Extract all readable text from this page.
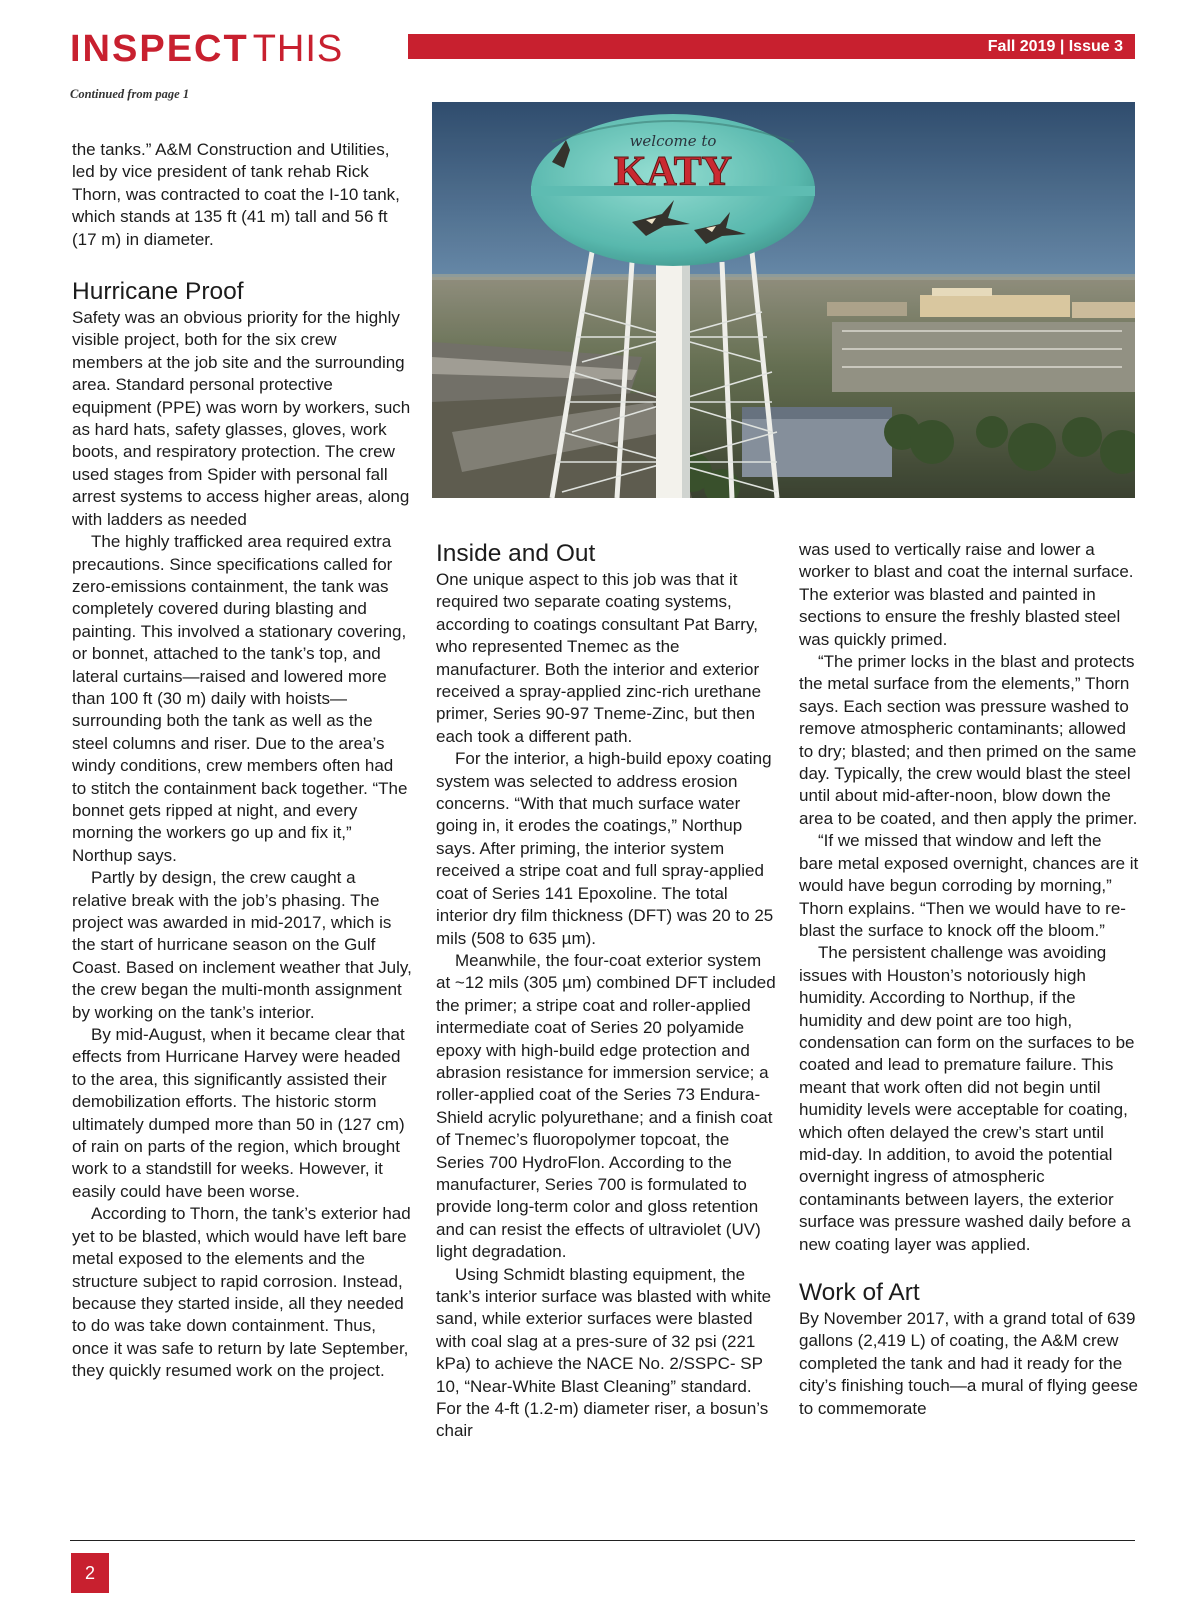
INSPECT THIS	Fall 2019 | Issue 3
Continued from page 1
welcome to
KATY

the tanks.” A&M Construction and Utilities, led by vice president of tank rehab Rick Thorn, was contracted to coat the I-10 tank, which stands at 135 ft (41 m) tall and 56 ft (17 m) in diameter.

Hurricane Proof

Safety was an obvious priority for the highly visible project, both for the six crew members at the job site and the surrounding area. Standard personal protective equipment (PPE) was worn by workers, such as hard hats, safety glasses, gloves, work boots, and respiratory protection. The crew used stages from Spider with personal fall arrest systems to access higher areas, along with ladders as needed

The highly trafficked area required extra precautions. Since specifications called for zero-emissions containment, the tank was completely covered during blasting and painting. This involved a stationary covering, or bonnet, attached to the tank’s top, and lateral curtains—raised and lowered more than 100 ft (30 m) daily with hoists—surrounding both the tank as well as the steel columns and riser. Due to the area’s windy conditions, crew members often had to stitch the containment back together. “The bonnet gets ripped at night, and every morning the workers go up and fix it,” Northup says.

Partly by design, the crew caught a relative break with the job’s phasing. The project was awarded in mid-2017, which is the start of hurricane season on the Gulf Coast. Based on inclement weather that July, the crew began the multi-month assignment by working on the tank’s interior.

By mid-August, when it became clear that effects from Hurricane Harvey were headed to the area, this significantly assisted their demobilization efforts. The historic storm ultimately dumped more than 50 in (127 cm) of rain on parts of the region, which brought work to a standstill for weeks. However, it easily could have been worse.

According to Thorn, the tank’s exterior had yet to be blasted, which would have left bare metal exposed to the elements and the structure subject to rapid corrosion. Instead, because they started inside, all they needed to do was take down containment. Thus, once it was safe to return by late September, they quickly resumed work on the project.

Inside and Out

One unique aspect to this job was that it required two separate coating systems, according to coatings consultant Pat Barry, who represented Tnemec as the manufacturer. Both the interior and exterior received a spray-applied zinc-rich urethane primer, Series 90-97 Tneme-Zinc, but then each took a different path.

For the interior, a high-build epoxy coating system was selected to address erosion concerns. “With that much surface water going in, it erodes the coatings,” Northup says. After priming, the interior system received a stripe coat and full spray-applied coat of Series 141 Epoxoline. The total interior dry film thickness (DFT) was 20 to 25 mils (508 to 635 µm).

Meanwhile, the four-coat exterior system at ~12 mils (305 µm) combined DFT included the primer; a stripe coat and roller-applied intermediate coat of Series 20 polyamide epoxy with high-build edge protection and abrasion resistance for immersion service; a roller-applied coat of the Series 73 Endura-Shield acrylic polyurethane; and a finish coat of Tnemec’s fluoropolymer topcoat, the Series 700 HydroFlon. According to the manufacturer, Series 700 is formulated to provide long-term color and gloss retention and can resist the effects of ultraviolet (UV) light degradation.

Using Schmidt blasting equipment, the tank’s interior surface was blasted with white sand, while exterior surfaces were blasted with coal slag at a pres-sure of 32 psi (221 kPa) to achieve the NACE No. 2/SSPC- SP 10, “Near-White Blast Cleaning” standard. For the 4-ft (1.2-m) diameter riser, a bosun’s chair

was used to vertically raise and lower a worker to blast and coat the internal surface. The exterior was blasted and painted in sections to ensure the freshly blasted steel was quickly primed.

“The primer locks in the blast and protects the metal surface from the elements,” Thorn says. Each section was pressure washed to remove atmospheric contaminants; allowed to dry; blasted; and then primed on the same day. Typically, the crew would blast the steel until about mid-after-noon, blow down the area to be coated, and then apply the primer.

“If we missed that window and left the bare metal exposed overnight, chances are it would have begun corroding by morning,” Thorn explains. “Then we would have to re-blast the surface to knock off the bloom.”

The persistent challenge was avoiding issues with Houston’s notoriously high humidity. According to Northup, if the humidity and dew point are too high, condensation can form on the surfaces to be coated and lead to premature failure. This meant that work often did not begin until humidity levels were acceptable for coating, which often delayed the crew’s start until mid-day. In addition, to avoid the potential overnight ingress of atmospheric contaminants between layers, the exterior surface was pressure washed daily before a new coating layer was applied.

Work of Art

By November 2017, with a grand total of 639 gallons (2,419 L) of coating, the A&M crew completed the tank and had it ready for the city’s finishing touch—a mural of flying geese to commemorate

2
